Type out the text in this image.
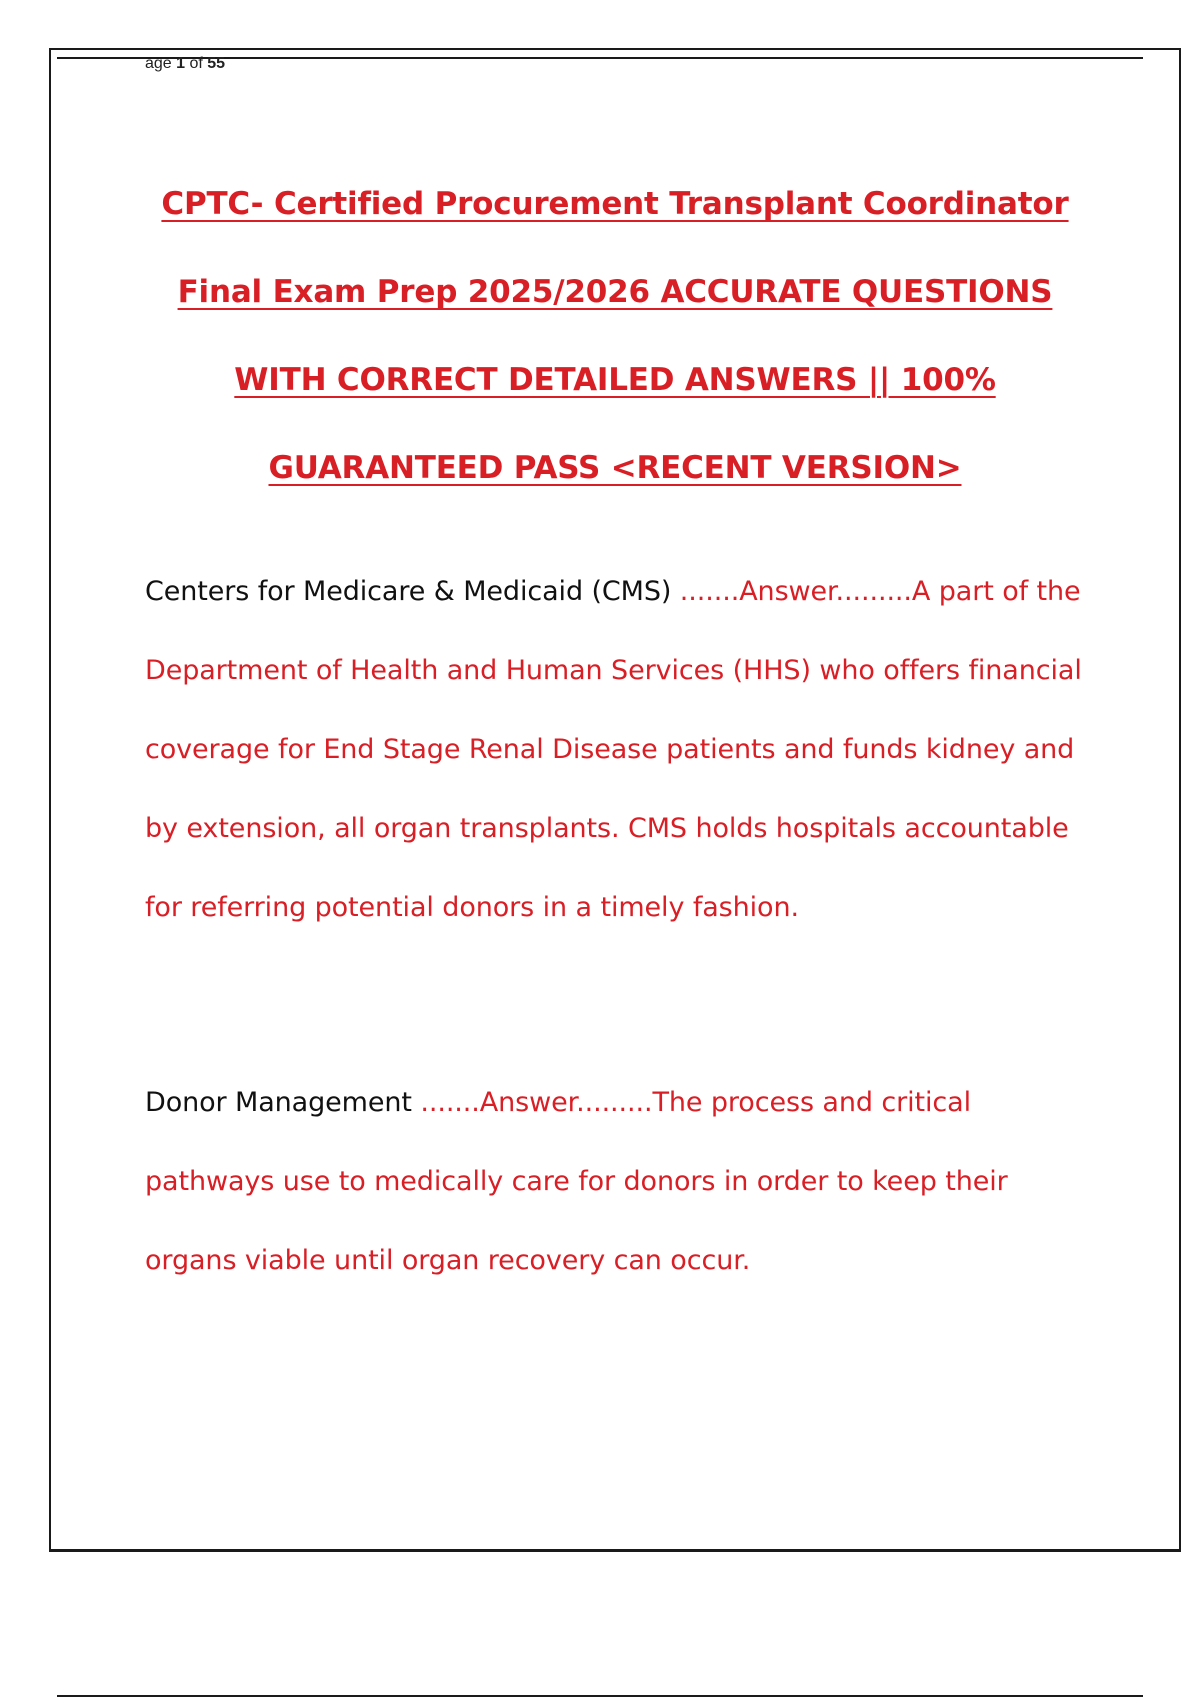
age 1 of 55
CPTC- Certified Procurement Transplant Coordinator
Final Exam Prep 2025/2026 ACCURATE QUESTIONS
WITH CORRECT DETAILED ANSWERS || 100%
GUARANTEED PASS <RECENT VERSION>
Centers for Medicare & Medicaid (CMS) .......Answer.........A part of the Department of Health and Human Services (HHS) who offers financial coverage for End Stage Renal Disease patients and funds kidney and by extension, all organ transplants. CMS holds hospitals accountable for referring potential donors in a timely fashion.
Donor Management .......Answer.........The process and critical pathways use to medically care for donors in order to keep their organs viable until organ recovery can occur.
